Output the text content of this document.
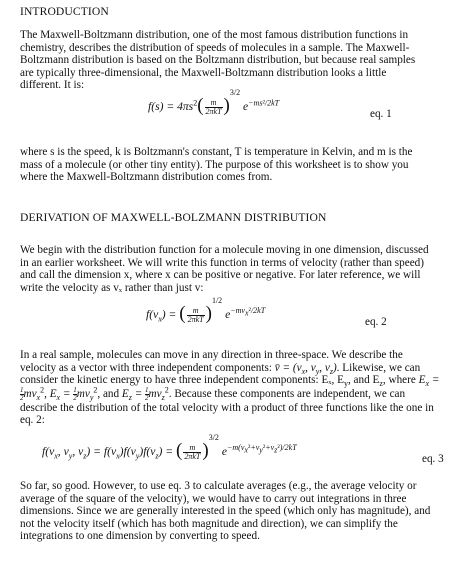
INTRODUCTION

The Maxwell-Boltzmann distribution, one of the most famous distribution functions in chemistry, describes the distribution of speeds of molecules in a sample. The Maxwell-Boltzmann distribution is based on the Boltzmann distribution, but because real samples are typically three-dimensional, the Maxwell-Boltzmann distribution looks a little different. It is:

$f(s) = 4\pi s^2( \frac{m}{\text{2πkT}} )^{3/2}$ $e^{-ms^2/2kT}$
eq. 1

where s is the speed, k is Boltzmann's constant, T is temperature in Kelvin, and m is the mass of a molecule (or other tiny entity). The purpose of this worksheet is to show you where the Maxwell-Boltzmann distribution comes from.

DERIVATION OF MAXWELL-BOLZMANN DISTRIBUTION

We begin with the distribution function for a molecule moving in one dimension, discussed in an earlier worksheet. We will write this function in terms of velocity (rather than speed) and call the dimension x, where x can be positive or negative. For later reference, we will write the velocity as vₓ rather than just v:

$f(v_x)$ = ( $\frac{m}{\text{2πkT}} )^{1/2}$ $e^{-mv_x^2/2kT}$
eq. 2

In a real sample, molecules can move in any direction in three-space. We describe the velocity as a vector with three independent components: v̄ = ($v_x$, $v_y$, $v_z$). Likewise, we can consider the kinetic energy to have three independent components: Eₓ, $E_y$, and $E_z$, where $E_x$ =
$\frac{1}{2}mv_x^2$, $E_x = \frac{1}{2}mv_y^2$, and $E_z = \frac{1}{2}mv_z^2$. Because these components are independent, we can describe the distribution of the total velocity with a product of three functions like the one in eq. 2:

$f(v_x$, $v_y$, $v_z) = f(v_x)f(v_y)f(v_z)$ = ( $\frac{m}{\text{2πkT}} )^{3/2}$ $e^{-m(v_x^2+v_y^2+v_z^2)/2kT}$
eq. 3

So far, so good. However, to use eq. 3 to calculate averages (e.g., the average velocity or average of the square of the velocity), we would have to carry out integrations in three dimensions. Since we are generally interested in the speed (which only has magnitude), and not the velocity itself (which has both magnitude and direction), we can simplify the integrations to one dimension by converting to speed.
